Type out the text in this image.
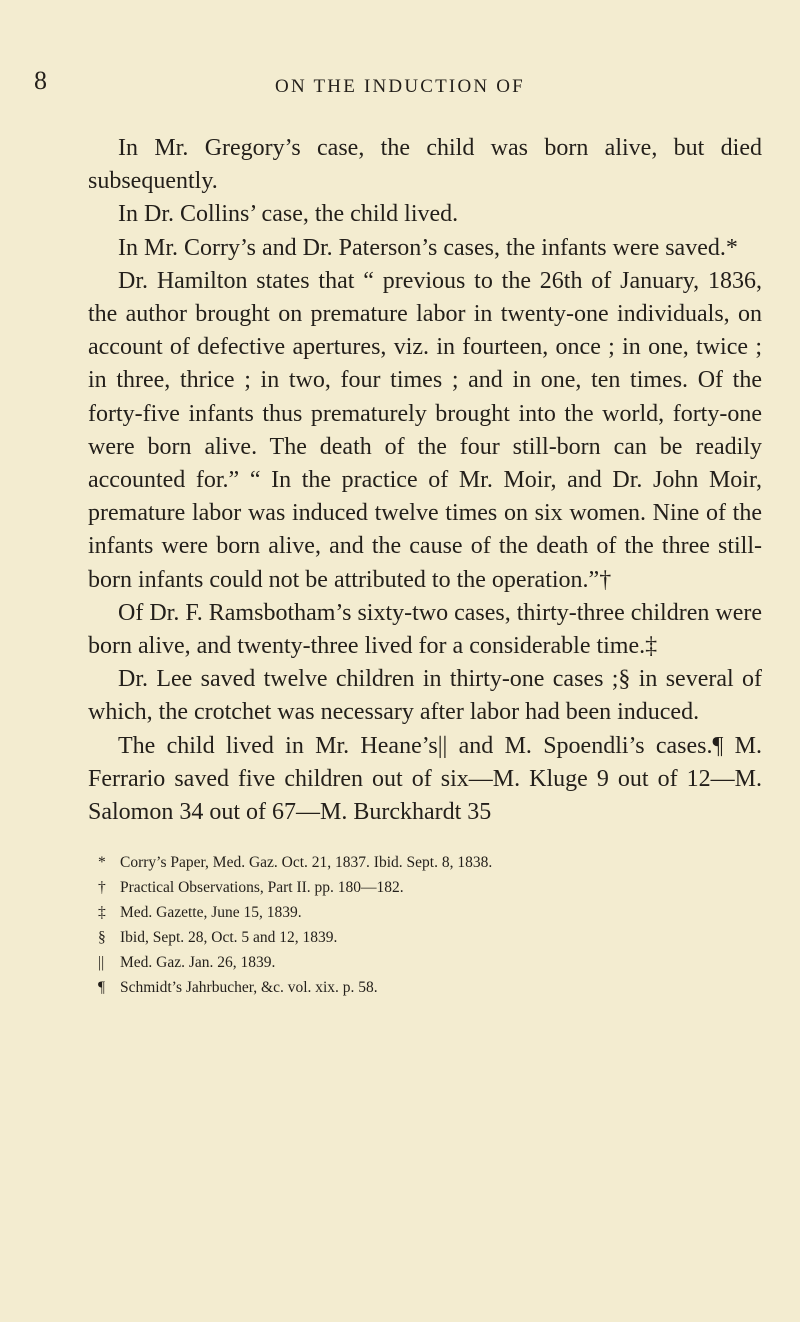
8	ON THE INDUCTION OF

In Mr. Gregory’s case, the child was born alive, but died subsequently.

In Dr. Collins’ case, the child lived.

In Mr. Corry’s and Dr. Paterson’s cases, the infants were saved.*

Dr. Hamilton states that “ previous to the 26th of January, 1836, the author brought on premature labor in twenty-one individuals, on account of defective apertures, viz. in fourteen, once ; in one, twice ; in three, thrice ; in two, four times ; and in one, ten times. Of the forty-five infants thus prematurely brought into the world, forty-one were born alive. The death of the four still-born can be readily accounted for.” “ In the practice of Mr. Moir, and Dr. John Moir, premature labor was induced twelve times on six women. Nine of the infants were born alive, and the cause of the death of the three still-born infants could not be attributed to the operation.”†

Of Dr. F. Ramsbotham’s sixty-two cases, thirty-three children were born alive, and twenty-three lived for a considerable time.‡

Dr. Lee saved twelve children in thirty-one cases ;§ in several of which, the crotchet was necessary after labor had been induced.

The child lived in Mr. Heane’s|| and M. Spoendli’s cases.¶ M. Ferrario saved five children out of six—M. Kluge 9 out of 12—M. Salomon 34 out of 67—M. Burckhardt 35

* Corry’s Paper, Med. Gaz. Oct. 21, 1837. Ibid. Sept. 8, 1838.

† Practical Observations, Part II. pp. 180—182.

‡ Med. Gazette, June 15, 1839.

§ Ibid, Sept. 28, Oct. 5 and 12, 1839.

|| Med. Gaz. Jan. 26, 1839.

¶ Schmidt’s Jahrbucher, &c. vol. xix. p. 58.
